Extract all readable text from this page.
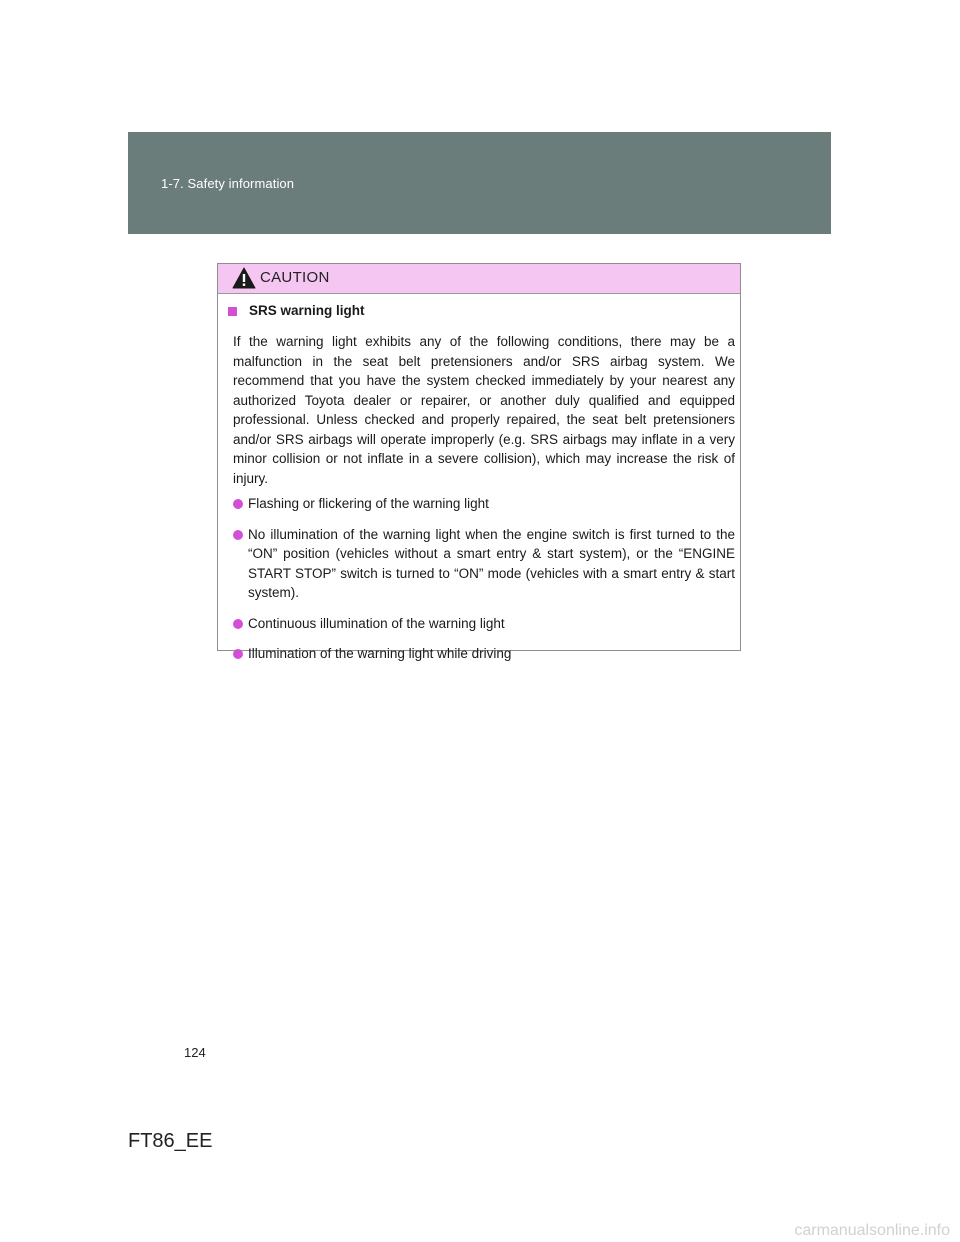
1-7. Safety information
CAUTION
SRS warning light

If the warning light exhibits any of the following conditions, there may be a malfunction in the seat belt pretensioners and/or SRS airbag system. We recommend that you have the system checked immediately by your nearest any authorized Toyota dealer or repairer, or another duly qualified and equipped professional. Unless checked and properly repaired, the seat belt pretensioners and/or SRS airbags will operate improperly (e.g. SRS airbags may inflate in a very minor collision or not inflate in a severe collision), which may increase the risk of injury.

Flashing or flickering of the warning light
No illumination of the warning light when the engine switch is first turned to the “ON” position (vehicles without a smart entry & start system), or the “ENGINE START STOP” switch is turned to “ON” mode (vehicles with a smart entry & start system).
Continuous illumination of the warning light
Illumination of the warning light while driving
124
FT86_EE
carmanualsonline.info
